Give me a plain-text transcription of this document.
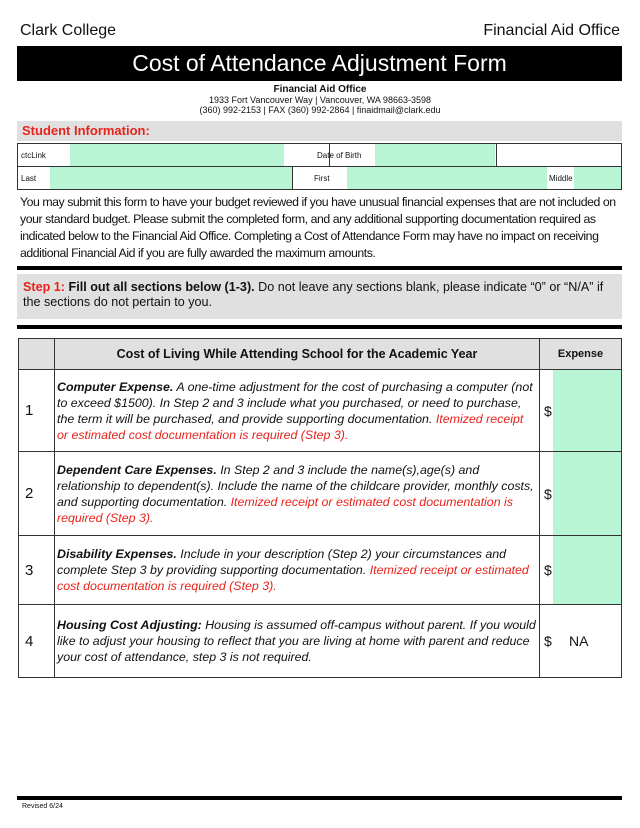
Clark College	Financial Aid Office
Cost of Attendance Adjustment Form
Financial Aid Office
1933 Fort Vancouver Way | Vancouver, WA 98663-3598
(360) 992-2153 | FAX (360) 992-2864 | finaidmail@clark.edu
Student Information:
ctcLink	Date of Birth
Last	First	Middle
You may submit this form to have your budget reviewed if you have unusual financial expenses that are not included on your standard budget. Please submit the completed form, and any additional supporting documentation required as indicated below to the Financial Aid Office. Completing a Cost of Attendance Form may have no impact on receiving additional Financial Aid if you are fully awarded the maximum amounts.
Step 1: Fill out all sections below (1-3). Do not leave any sections blank, please indicate “0” or “N/A” if the sections do not pertain to you.
	Cost of Living While Attending School for the Academic Year	Expense
1	Computer Expense. A one-time adjustment for the cost of purchasing a computer (not to exceed $1500). In Step 2 and 3 include what you purchased, or need to purchase, the term it will be purchased, and provide supporting documentation. Itemized receipt or estimated cost documentation is required (Step 3).	$

2	Dependent Care Expenses. In Step 2 and 3 include the name(s),age(s) and relationship to dependent(s). Include the name of the childcare provider, monthly costs, and supporting documentation. Itemized receipt or estimated cost documentation is required (Step 3).	$

3	Disability Expenses. Include in your description (Step 2) your circumstances and complete Step 3 by providing supporting documentation. Itemized receipt or estimated cost documentation is required (Step 3).	$

4	Housing Cost Adjusting: Housing is assumed off-campus without parent. If you would like to adjust your housing to reflect that you are living at home with parent and reduce your cost of attendance, step 3 is not required.	$ NA
Revised 6/24
